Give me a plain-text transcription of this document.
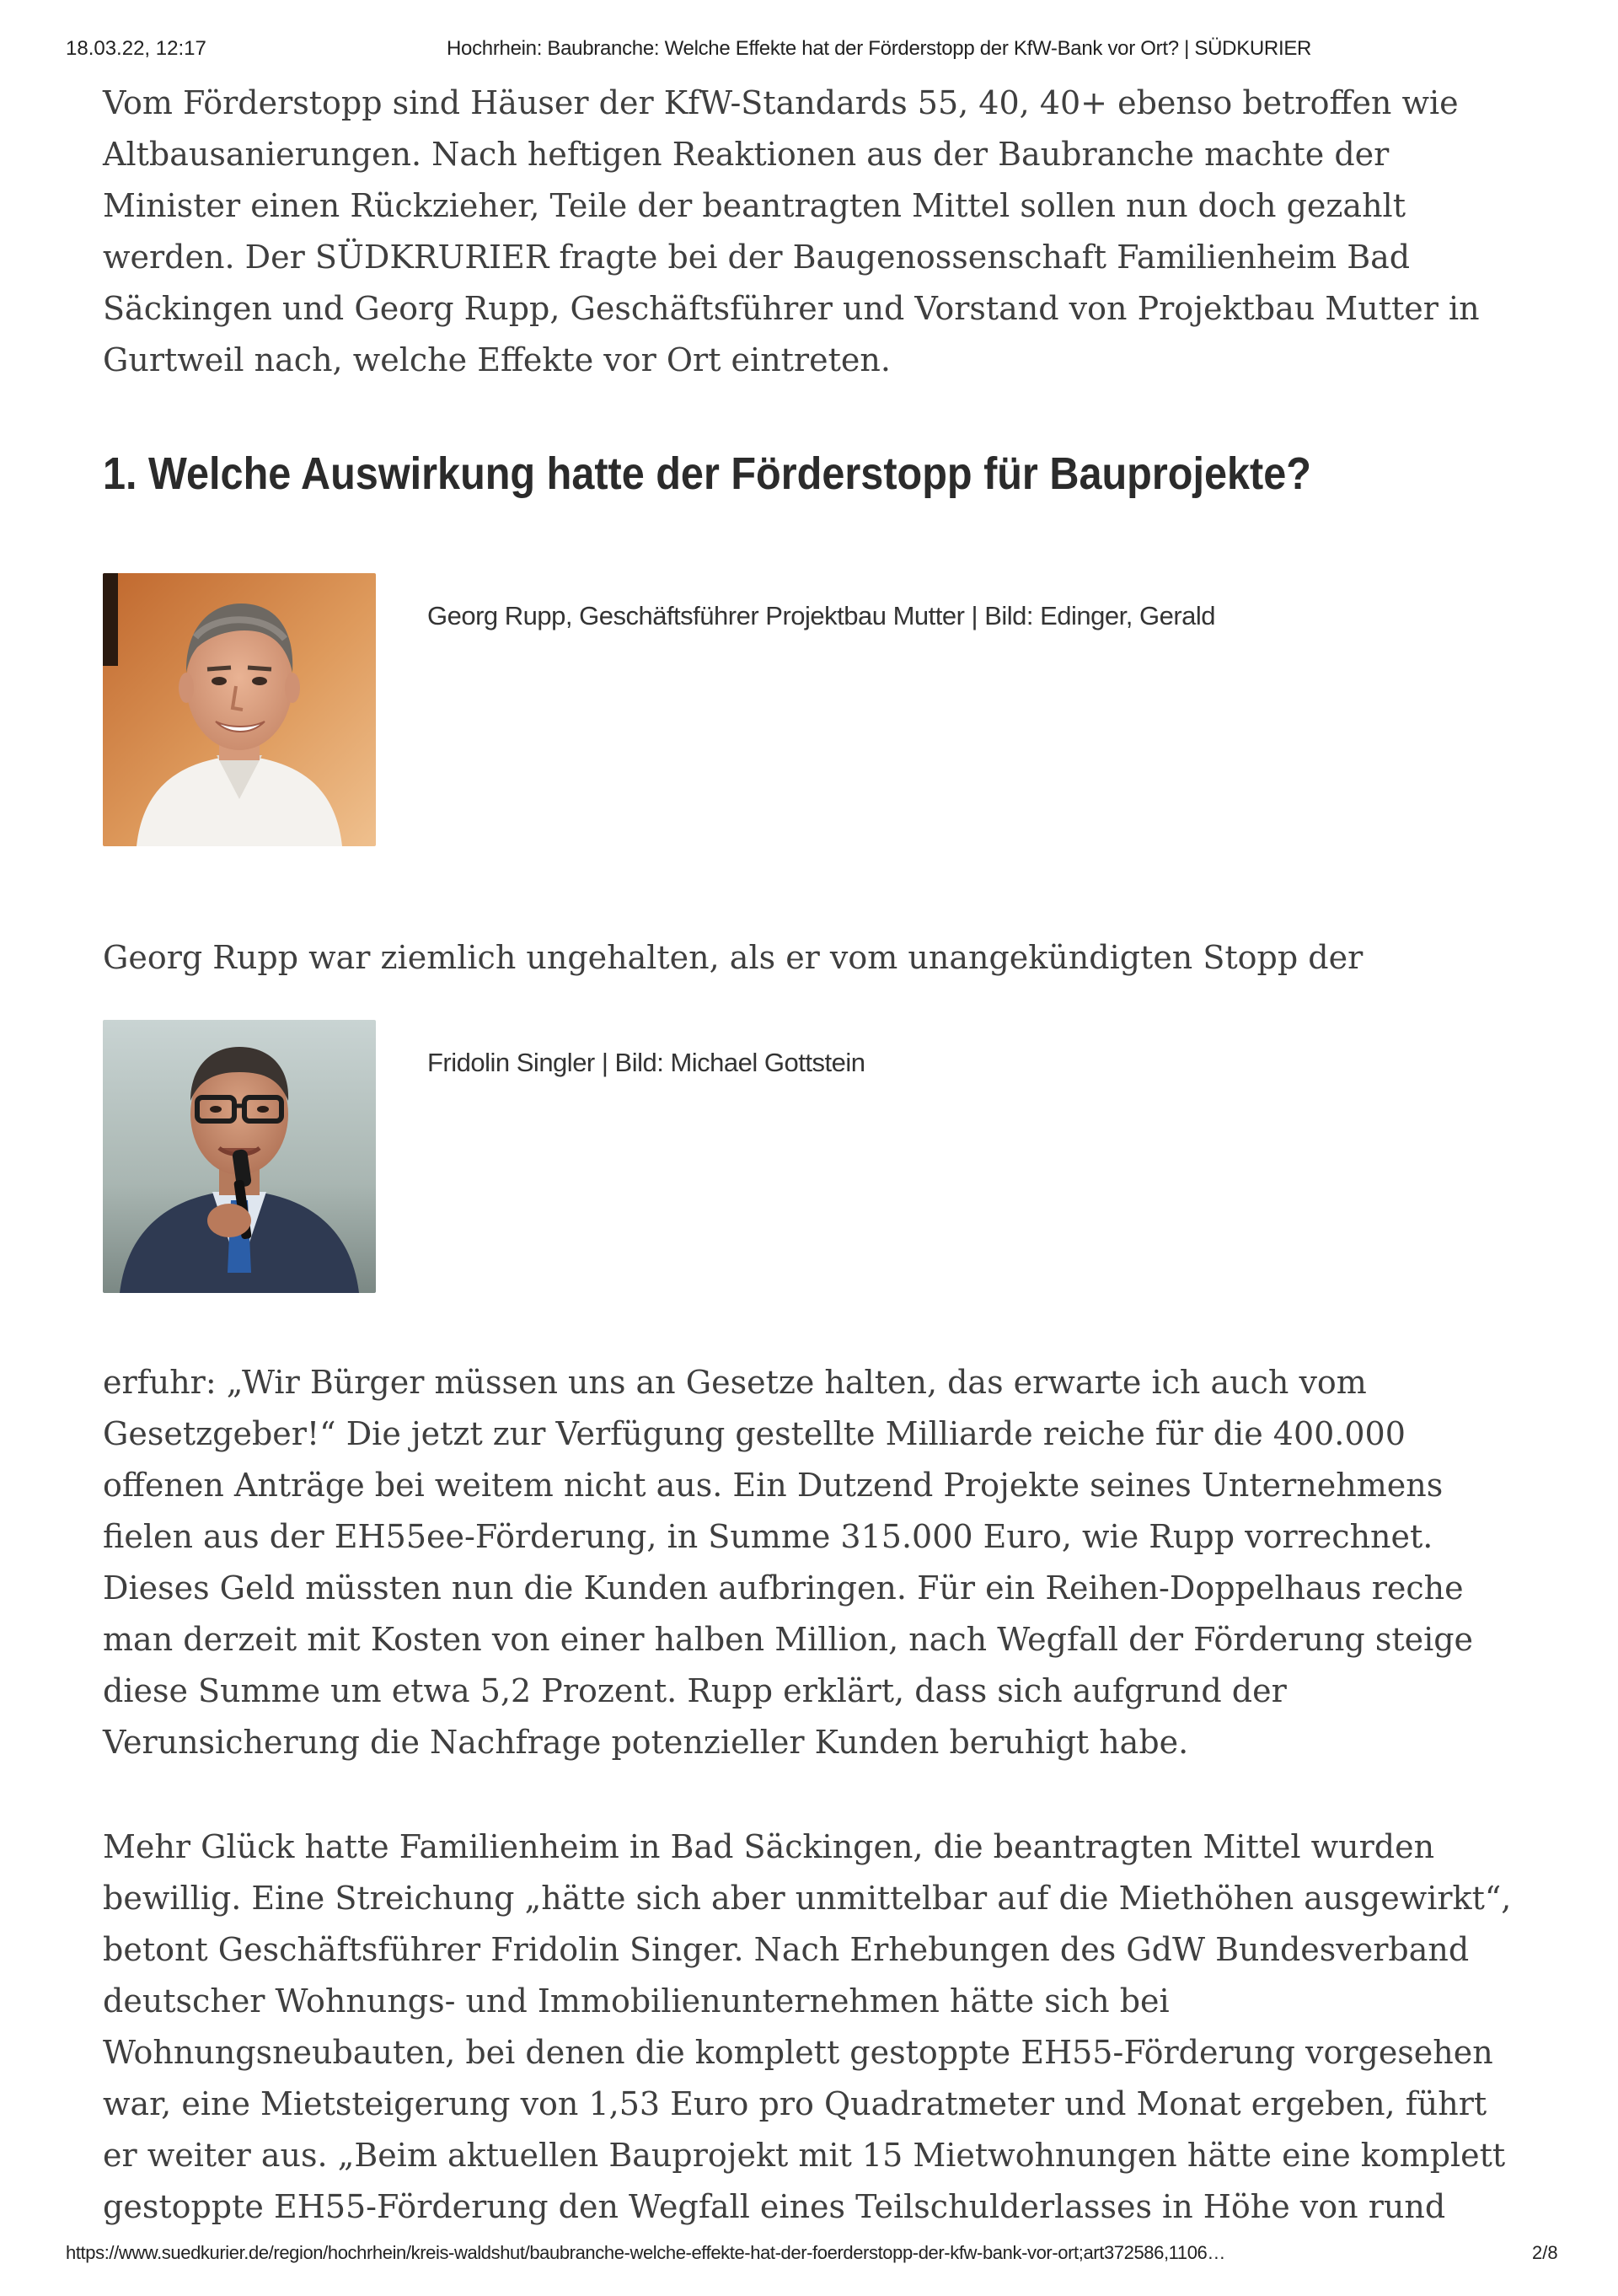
18.03.22, 12:17	Hochrhein: Baubranche: Welche Effekte hat der Förderstopp der KfW-Bank vor Ort? | SÜDKURIER

Vom Förderstopp sind Häuser der KfW-Standards 55, 40, 40+ ebenso betroffen wie
Altbausanierungen. Nach heftigen Reaktionen aus der Baubranche machte der
Minister einen Rückzieher, Teile der beantragten Mittel sollen nun doch gezahlt
werden. Der SÜDKRURIER fragte bei der Baugenossenschaft Familienheim Bad
Säckingen und Georg Rupp, Geschäftsführer und Vorstand von Projektbau Mutter in
Gurtweil nach, welche Effekte vor Ort eintreten.

1. Welche Auswirkung hatte der Förderstopp für Bauprojekte?
Georg Rupp, Geschäftsführer Projektbau Mutter | Bild: Edinger, Gerald

Georg Rupp war ziemlich ungehalten, als er vom unangekündigten Stopp der

Fridolin Singler | Bild: Michael Gottstein

erfuhr: „Wir Bürger müssen uns an Gesetze halten, das erwarte ich auch vom
Gesetzgeber!“ Die jetzt zur Verfügung gestellte Milliarde reiche für die 400.000
offenen Anträge bei weitem nicht aus. Ein Dutzend Projekte seines Unternehmens
fielen aus der EH55ee-Förderung, in Summe 315.000 Euro, wie Rupp vorrechnet.
Dieses Geld müssten nun die Kunden aufbringen. Für ein Reihen-Doppelhaus reche
man derzeit mit Kosten von einer halben Million, nach Wegfall der Förderung steige
diese Summe um etwa 5,2 Prozent. Rupp erklärt, dass sich aufgrund der
Verunsicherung die Nachfrage potenzieller Kunden beruhigt habe.

Mehr Glück hatte Familienheim in Bad Säckingen, die beantragten Mittel wurden
bewillig. Eine Streichung „hätte sich aber unmittelbar auf die Miethöhen ausgewirkt“,
betont Geschäftsführer Fridolin Singer. Nach Erhebungen des GdW Bundesverband
deutscher Wohnungs- und Immobilienunternehmen hätte sich bei
Wohnungsneubauten, bei denen die komplett gestoppte EH55-Förderung vorgesehen
war, eine Mietsteigerung von 1,53 Euro pro Quadratmeter und Monat ergeben, führt
er weiter aus. „Beim aktuellen Bauprojekt mit 15 Mietwohnungen hätte eine komplett
gestoppte EH55-Förderung den Wegfall eines Teilschulderlasses in Höhe von rund

https://www.suedkurier.de/region/hochrhein/kreis-waldshut/baubranche-welche-effekte-hat-der-foerderstopp-der-kfw-bank-vor-ort;art372586,1106…	2/8
